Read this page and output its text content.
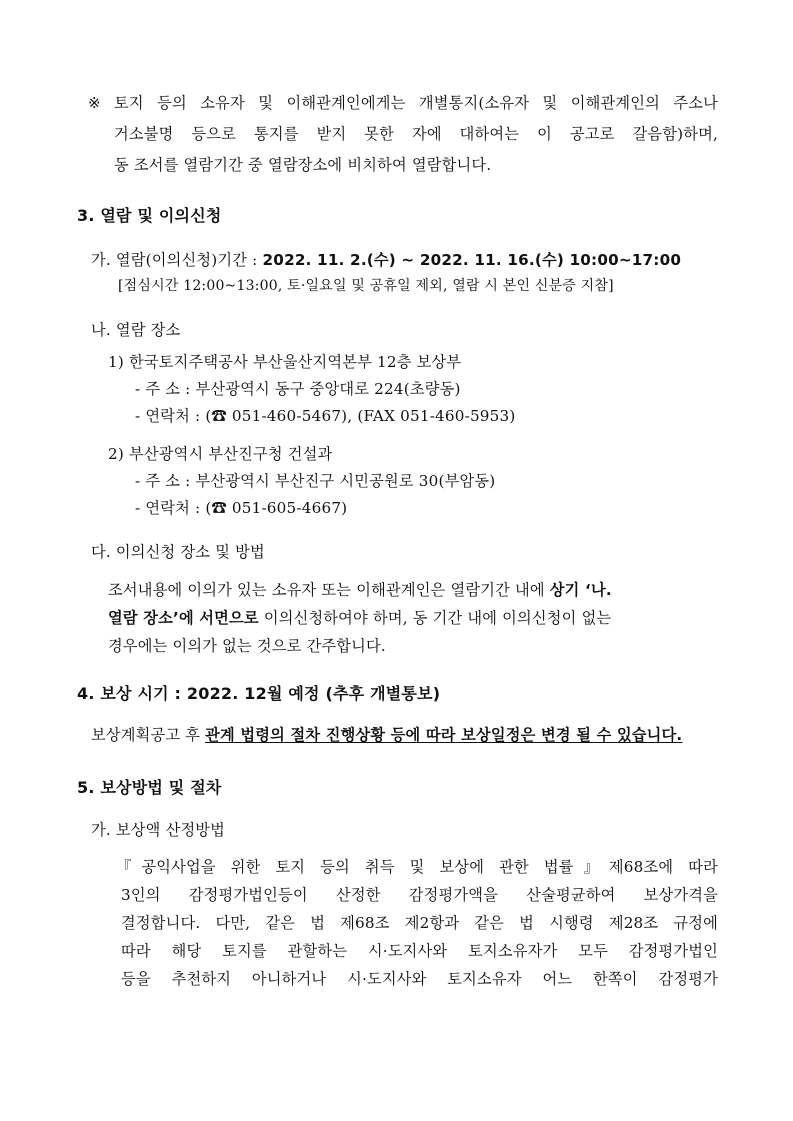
※ 토지 등의 소유자 및 이해관계인에게는 개별통지(소유자 및 이해관계인의 주소나
거소불명 등으로 통지를 받지 못한 자에 대하여는 이 공고로 갈음함)하며,
동 조서를 열람기간 중 열람장소에 비치하여 열람합니다.
3. 열람 및 이의신청
가. 열람(이의신청)기간 : 2022. 11. 2.(수) ~ 2022. 11. 16.(수) 10:00~17:00
[점심시간 12:00~13:00, 토·일요일 및 공휴일 제외, 열람 시 본인 신분증 지참]
나. 열람 장소
1) 한국토지주택공사 부산울산지역본부 12층 보상부
- 주 소 : 부산광역시 동구 중앙대로 224(초량동)
- 연락처 : (☎ 051-460-5467), (FAX 051-460-5953)
2) 부산광역시 부산진구청 건설과
- 주 소 : 부산광역시 부산진구 시민공원로 30(부암동)
- 연락처 : (☎ 051-605-4667)
다. 이의신청 장소 및 방법
조서내용에 이의가 있는 소유자 또는 이해관계인은 열람기간 내에 상기 ‘나.
열람 장소’에 서면으로 이의신청하여야 하며, 동 기간 내에 이의신청이 없는
경우에는 이의가 없는 것으로 간주합니다.
4. 보상 시기 : 2022. 12월 예정 (추후 개별통보)
보상계획공고 후 관계 법령의 절차 진행상황 등에 따라 보상일정은 변경 될 수 있습니다.
5. 보상방법 및 절차
가. 보상액 산정방법
『공익사업을 위한 토지 등의 취득 및 보상에 관한 법률』제68조에 따라
3인의 감정평가법인등이 산정한 감정평가액을 산술평균하여 보상가격을
결정합니다. 다만, 같은 법 제68조 제2항과 같은 법 시행령 제28조 규정에
따라 해당 토지를 관할하는 시·도지사와 토지소유자가 모두 감정평가법인
등을 추천하지 아니하거나 시·도지사와 토지소유자 어느 한쪽이 감정평가
